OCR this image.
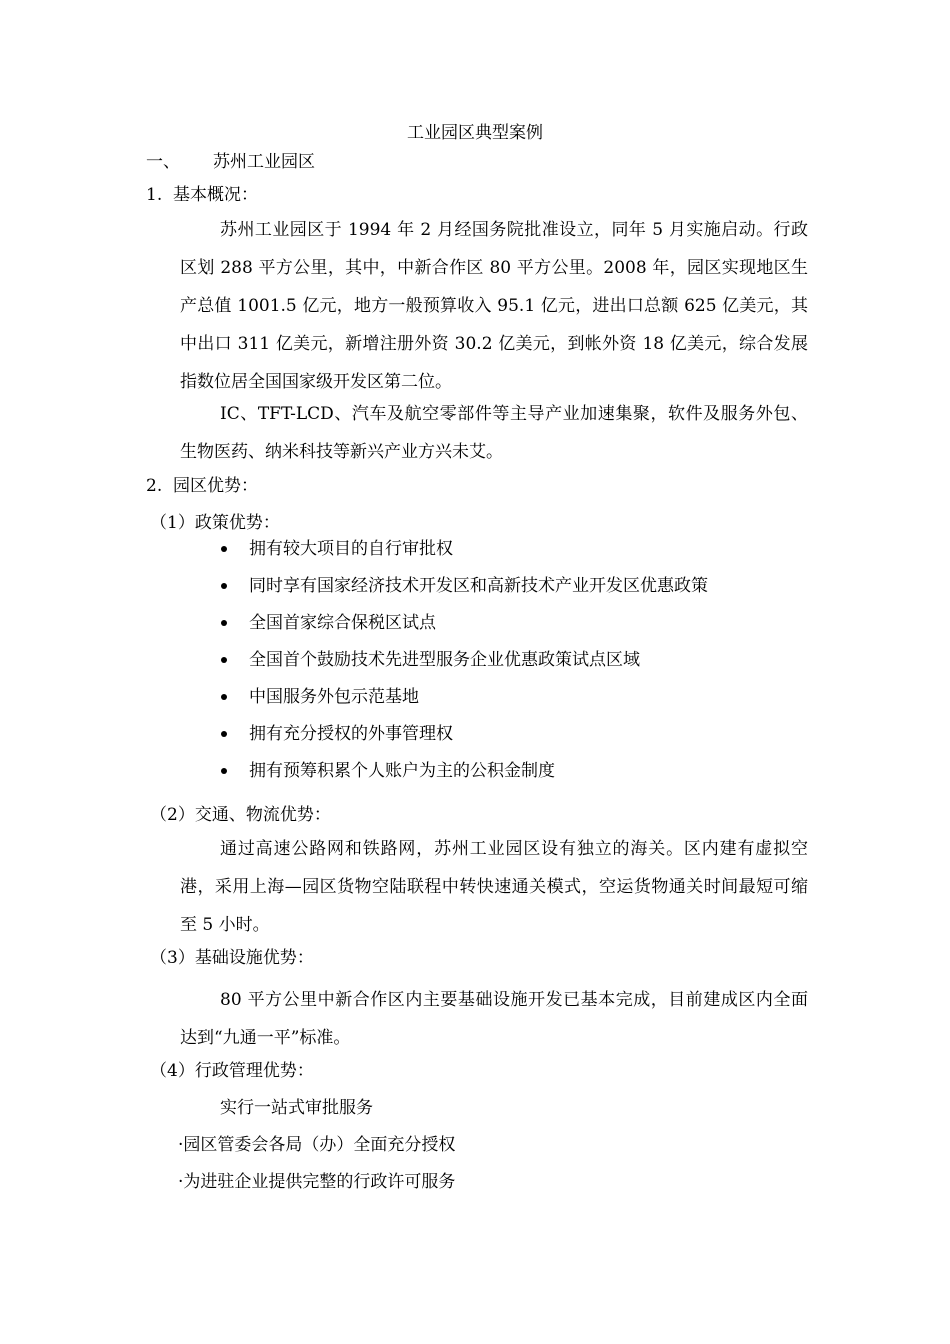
工业园区典型案例
一、 苏州工业园区
1. 基本概况：
苏州工业园区于 1994 年 2 月经国务院批准设立，同年 5 月实施启动。行政区划 288 平方公里，其中，中新合作区 80 平方公里。2008 年，园区实现地区生产总值 1001.5 亿元，地方一般预算收入 95.1 亿元，进出口总额 625 亿美元，其中出口 311 亿美元，新增注册外资 30.2 亿美元，到帐外资 18 亿美元，综合发展指数位居全国国家级开发区第二位。
IC、TFT-LCD、汽车及航空零部件等主导产业加速集聚，软件及服务外包、生物医药、纳米科技等新兴产业方兴未艾。
2. 园区优势：
（1）政策优势：
拥有较大项目的自行审批权
同时享有国家经济技术开发区和高新技术产业开发区优惠政策
全国首家综合保税区试点
全国首个鼓励技术先进型服务企业优惠政策试点区域
中国服务外包示范基地
拥有充分授权的外事管理权
拥有预筹积累个人账户为主的公积金制度
（2）交通、物流优势：
通过高速公路网和铁路网，苏州工业园区设有独立的海关。区内建有虚拟空港，采用上海—园区货物空陆联程中转快速通关模式，空运货物通关时间最短可缩至 5 小时。
（3）基础设施优势：
80 平方公里中新合作区内主要基础设施开发已基本完成，目前建成区内全面达到“九通一平”标准。
（4）行政管理优势：
实行一站式审批服务
·园区管委会各局（办）全面充分授权
·为进驻企业提供完整的行政许可服务
